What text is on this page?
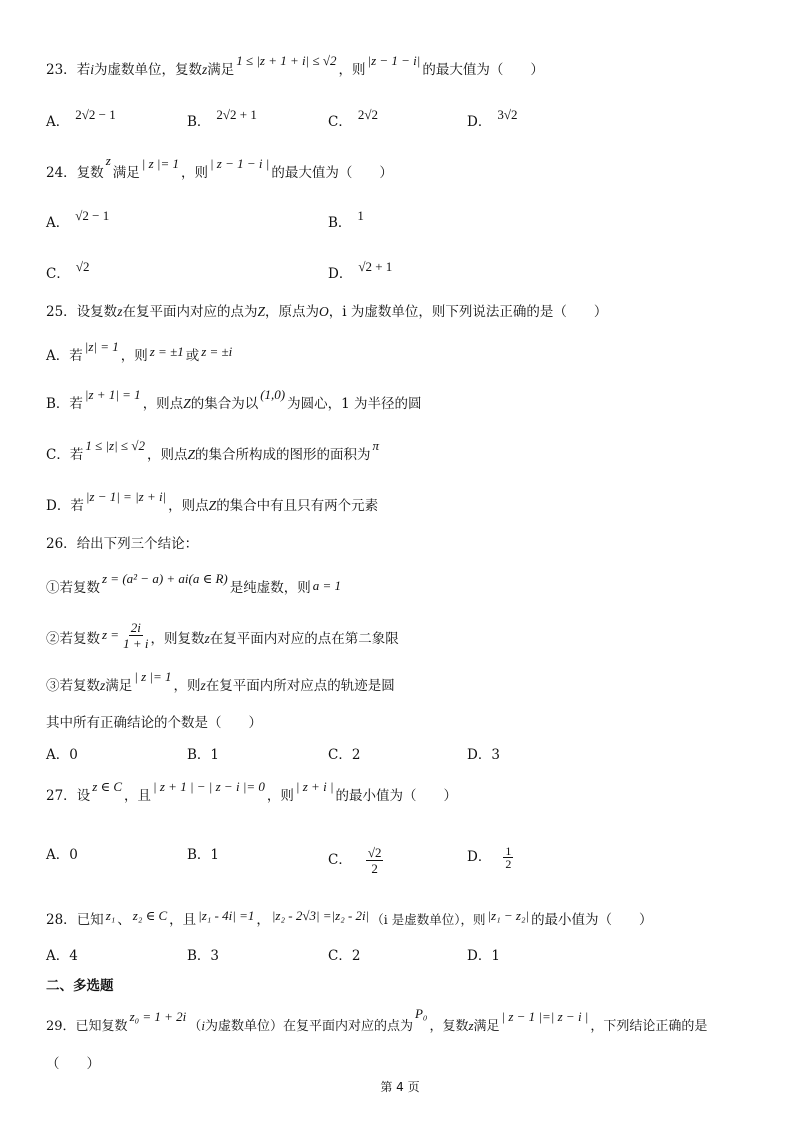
23．若i为虚数单位，复数z满足1 ≤ |z + 1 + i| ≤ √2，则|z − 1 − i|的最大值为（　　）
A． 2√2 − 1	B． 2√2 + 1	C． 2√2	D． 3√2
24．复数z满足| z |= 1，则| z − 1 − i |的最大值为（　　）
A． √2 − 1	B． 1
C． √2	D． √2 + 1
25．设复数z在复平面内对应的点为Z，原点为O，i 为虚数单位，则下列说法正确的是（　　）
A．若|z| = 1，则 z = ±1 或 z = ±i
B．若|z + 1| = 1，则点Z的集合为以(1,0)为圆心，1 为半径的圆
C．若1 ≤ |z| ≤ √2，则点Z的集合所构成的图形的面积为π
D．若|z − 1| = |z + i|，则点Z的集合中有且只有两个元素
26．给出下列三个结论：
①若复数z = (a² − a) + ai(a ∈ R)是纯虚数，则 a = 1
②若复数 $z = \frac{2i}{1 + i}$ ，则复数z在复平面内对应的点在第二象限
③若复数z满足| z |= 1，则z在复平面内所对应点的轨迹是圆
其中所有正确结论的个数是（　　）
A．0	B．1	C．2	D．3
27．设z ∈ C，且| z + 1 | − | z − i |= 0，则| z + i |的最小值为（　　）
A．0	B．1	C． $\frac{√2}{2}$	D． $\frac{1}{2}$
28．已知 z₁ 、 z₂ ∈ C ，且 |z₁ - 4i| =1 ， |z₂ - 2√3| =|z₂ - 2i| （i 是虚数单位），则 |z₁ − z₂| 的最小值为（　　）
A．4	B．3	C．2	D．1
二、多选题
29．已知复数z₀ = 1 + 2i（i为虚数单位）在复平面内对应的点为P₀，复数z满足| z − 1 |=| z − i |，下列结论正确的是
（　　）
第 4 页
